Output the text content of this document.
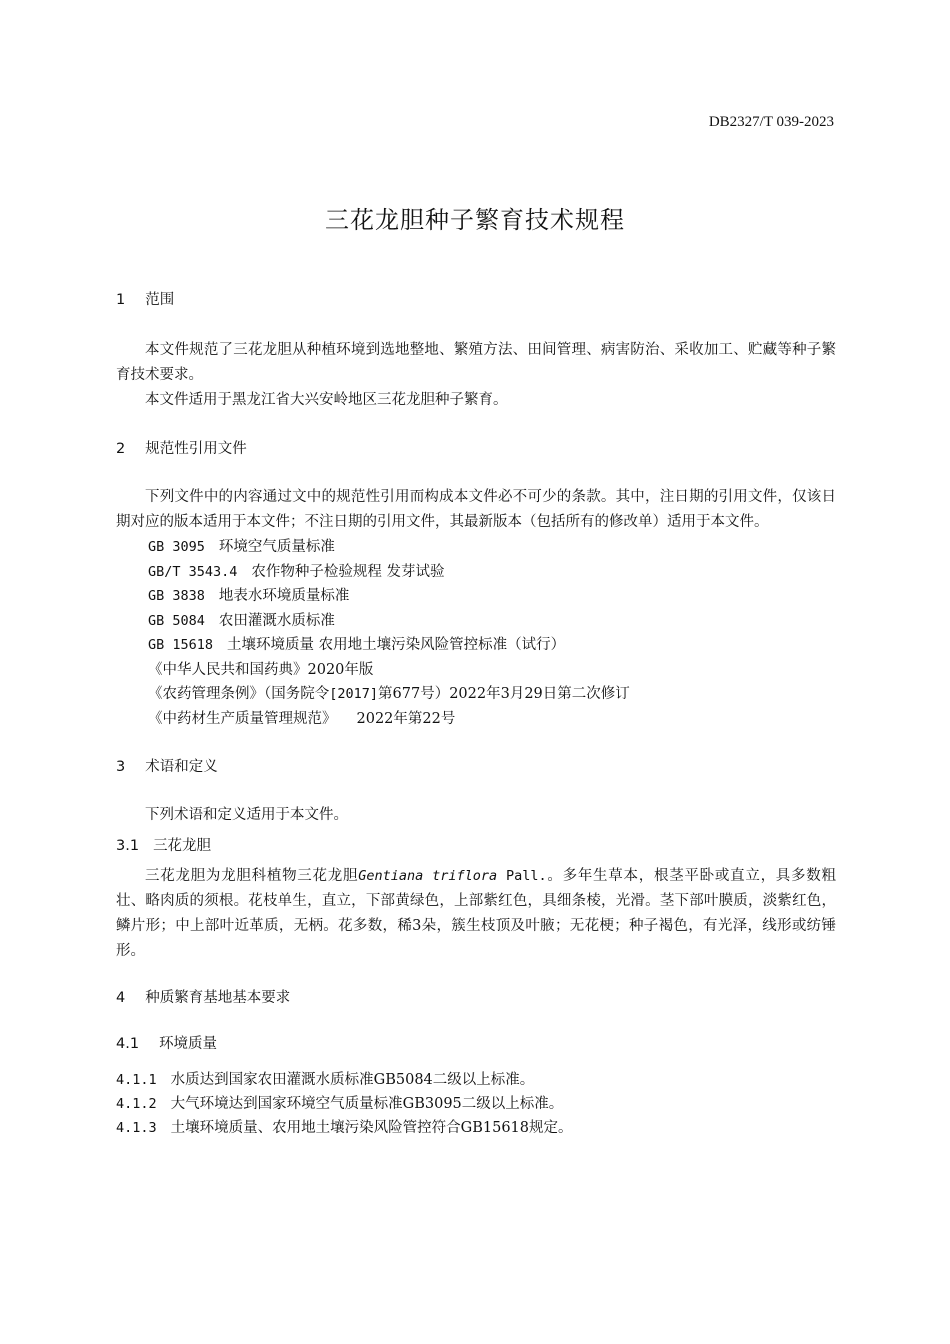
DB2327/T 039-2023
三花龙胆种子繁育技术规程
1 范围
本文件规范了三花龙胆从种植环境到选地整地、繁殖方法、田间管理、病害防治、采收加工、贮藏等种子繁育技术要求。
本文件适用于黑龙江省大兴安岭地区三花龙胆种子繁育。
2 规范性引用文件
下列文件中的内容通过文中的规范性引用而构成本文件必不可少的条款。其中，注日期的引用文件，仅该日期对应的版本适用于本文件；不注日期的引用文件，其最新版本（包括所有的修改单）适用于本文件。
GB 3095 环境空气质量标准
GB/T 3543.4 农作物种子检验规程 发芽试验
GB 3838 地表水环境质量标准
GB 5084 农田灌溉水质标准
GB 15618 土壤环境质量 农用地土壤污染风险管控标准（试行）
《中华人民共和国药典》2020年版
《农药管理条例》（国务院令[2017]第677号）2022年3月29日第二次修订
《中药材生产质量管理规范》 2022年第22号
3 术语和定义
下列术语和定义适用于本文件。
3.1 三花龙胆
三花龙胆为龙胆科植物三花龙胆Gentiana triflora Pall.。多年生草本，根茎平卧或直立，具多数粗壮、略肉质的须根。花枝单生，直立，下部黄绿色，上部紫红色，具细条棱，光滑。茎下部叶膜质，淡紫红色，鳞片形；中上部叶近革质，无柄。花多数，稀3朵，簇生枝顶及叶腋；无花梗；种子褐色，有光泽，线形或纺锤形。
4 种质繁育基地基本要求
4.1 环境质量
4.1.1 水质达到国家农田灌溉水质标准GB5084二级以上标准。
4.1.2 大气环境达到国家环境空气质量标准GB3095二级以上标准。
4.1.3 土壤环境质量、农用地土壤污染风险管控符合GB15618规定。
